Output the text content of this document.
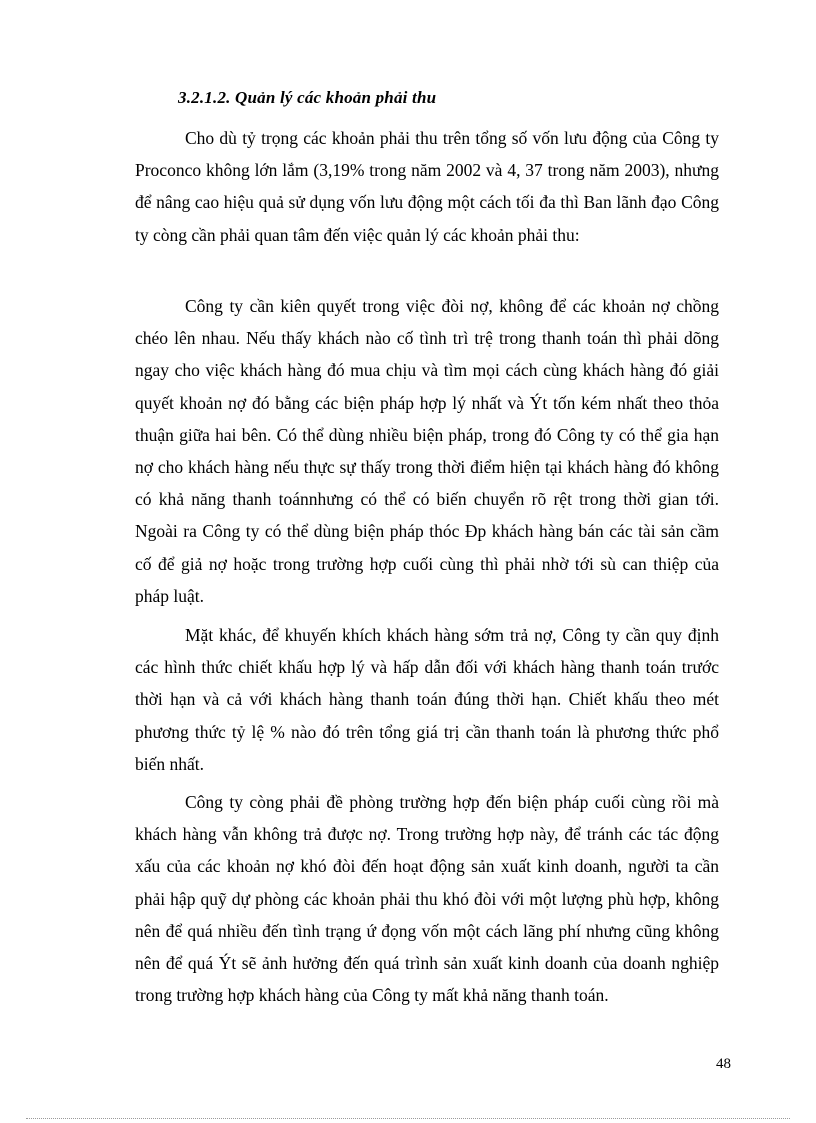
3.2.1.2. Quản lý các khoản phải thu

Cho dù tỷ trọng các khoản phải thu trên tổng số vốn lưu động của Công ty Proconco không lớn lắm (3,19% trong năm 2002 và 4, 37 trong năm 2003), nhưng để nâng cao hiệu quả sử dụng vốn lưu động một cách tối đa thì Ban lãnh đạo Công ty còng cần phải quan tâm đến việc quản lý các khoản phải thu:

Công ty cần kiên quyết trong việc đòi nợ, không để các khoản nợ chồng chéo lên nhau. Nếu thấy khách nào cố tình trì trệ trong thanh toán thì phải dõng ngay cho việc khách hàng đó mua chịu và tìm mọi cách cùng khách hàng đó giải quyết khoản nợ đó bằng các biện pháp hợp lý nhất và Ýt tốn kém nhất theo thỏa thuận giữa hai bên. Có thể dùng nhiều biện pháp, trong đó Công ty có thể gia hạn nợ cho khách hàng nếu thực sự thấy trong thời điểm hiện tại khách hàng đó không có khả năng thanh toánnhưng có thể có biến chuyển rõ rệt trong thời gian tới. Ngoài ra Công ty có thể dùng biện pháp thóc Đp khách hàng bán các tài sản cầm cố để giả nợ hoặc trong trường hợp cuối cùng thì phải nhờ tới sù can thiệp của pháp luật.

Mặt khác, để khuyến khích khách hàng sớm trả nợ, Công ty cần quy định các hình thức chiết khấu hợp lý và hấp dẫn đối với khách hàng thanh toán trước thời hạn và cả với khách hàng thanh toán đúng thời hạn. Chiết khấu theo mét phương thức tỷ lệ % nào đó trên tổng giá trị cần thanh toán là phương thức phổ biến nhất.

Công ty còng phải đề phòng trường hợp đến biện pháp cuối cùng rồi mà khách hàng vẫn không trả được nợ. Trong trường hợp này, để tránh các tác động xấu của các khoản nợ khó đòi đến hoạt động sản xuất kinh doanh, người ta cần phải hập quỹ dự phòng các khoản phải thu khó đòi với một lượng phù hợp, không nên để quá nhiều đến tình trạng ứ đọng vốn một cách lãng phí nhưng cũng không nên để quá Ýt sẽ ảnh hưởng đến quá trình sản xuất kinh doanh của doanh nghiệp trong trường hợp khách hàng của Công ty mất khả năng thanh toán.

48
